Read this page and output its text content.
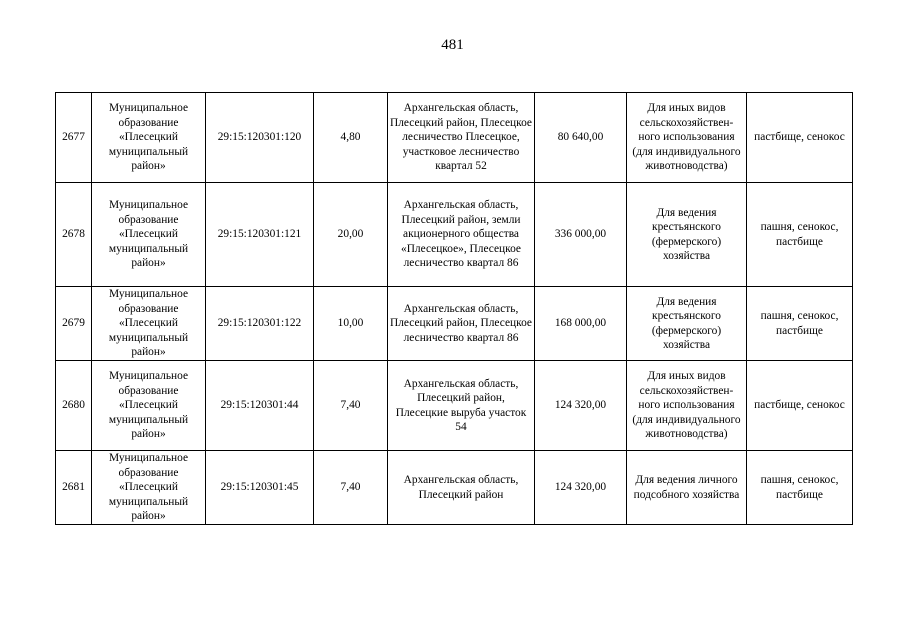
481
2677	Муниципальное образование «Плесецкий муниципальный район»	29:15:120301:120	4,80	Архангельская область, Плесецкий район, Плесецкое лесничество Плесецкое, участковое лесничество квартал 52	80 640,00	Для иных видов сельскохозяйствен-ного использования (для индивидуального животноводства)	пастбище, сенокос
2678	Муниципальное образование «Плесецкий муниципальный район»	29:15:120301:121	20,00	Архангельская область, Плесецкий район, земли акционерного общества «Плесецкое», Плесецкое лесничество квартал 86	336 000,00	Для ведения крестьянского (фермерского) хозяйства	пашня, сенокос, пастбище
2679	Муниципальное образование «Плесецкий муниципальный район»	29:15:120301:122	10,00	Архангельская область, Плесецкий район, Плесецкое лесничество квартал 86	168 000,00	Для ведения крестьянского (фермерского) хозяйства	пашня, сенокос, пастбище
2680	Муниципальное образование «Плесецкий муниципальный район»	29:15:120301:44	7,40	Архангельская область, Плесецкий район, Плесецкие выруба участок 54	124 320,00	Для иных видов сельскохозяйствен-ного использования (для индивидуального животноводства)	пастбище, сенокос
2681	Муниципальное образование «Плесецкий муниципальный район»	29:15:120301:45	7,40	Архангельская область, Плесецкий район	124 320,00	Для ведения личного подсобного хозяйства	пашня, сенокос, пастбище
